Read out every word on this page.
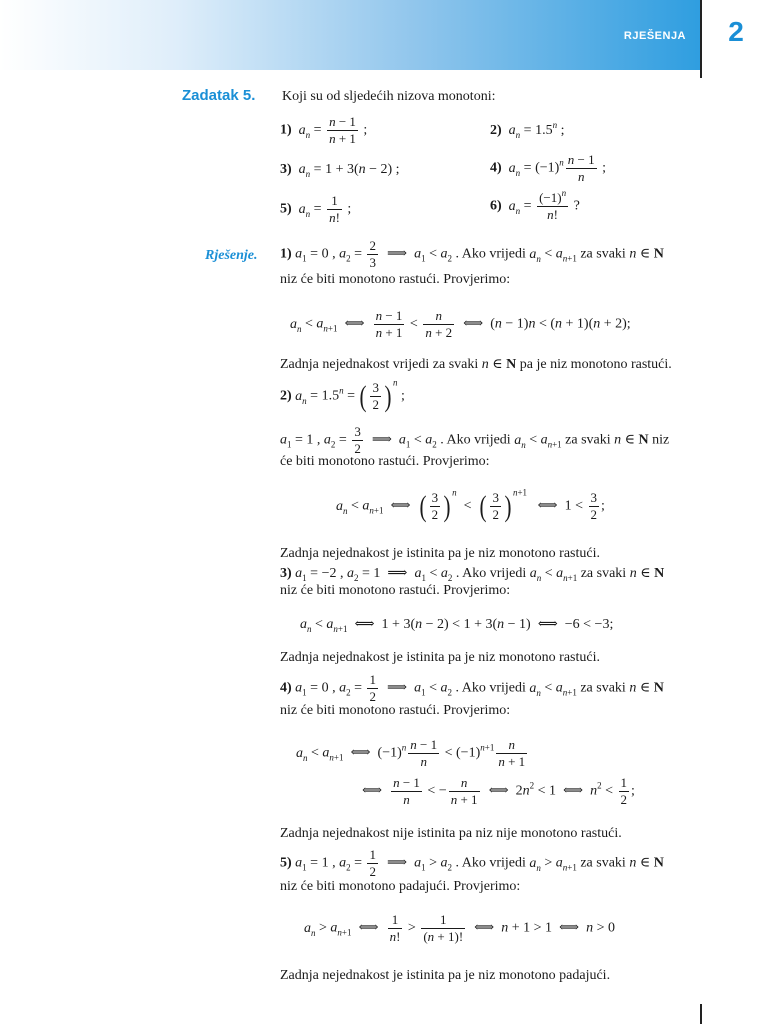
RJEŠENJA	2
Zadatak 5. Koji su od sljedećih nizova monotoni:
1) $a_n = \frac{n - 1}{n + 1}$ ;	2) $a_n = 1.5^n$ ;
3) $a_n = 1 + 3(n - 2)$ ;	4) $a_n = (-1)^n \frac{n - 1}{n}$ ;
5) $a_n = \frac{1}{n!}$ ;	6) $a_n = \frac{(-1)^n}{n!}$ ?
Rješenje. 1) $a_1 = 0$ , $a_2 = \frac{2}{3}$ ⟹  $a_1 < a_2$ . Ako vrijedi $a_n < a_{n+1}$ za svaki n ∈ N
niz će biti monotono rastući. Provjerimo:
$a_n < a_{n+1}$  ⟺ $\frac{n - 1}{n + 1} < \frac{n}{n + 2}$ ⟺  (n − 1)n < (n + 1)(n + 2);
Zadnja nejednakost vrijedi za svaki n ∈ N pa je niz monotono rastući.
2) $a_n = 1.5^n$ = ( $\frac{3}{2}$ ) $^n$ ;
$a_1 = 1$ , $a_2 = \frac{3}{2}$ ⟹  $a_1 < a_2$ . Ako vrijedi $a_n < a_{n+1}$ za svaki n ∈ N niz
će biti monotono rastući. Provjerimo:
$a_n < a_{n+1}$  ⟺  ( $\frac{3}{2}$ ) $^n$  <  ( $\frac{3}{2}$ ) $^{n+1}$   ⟺  $1 < \frac{3}{2}$ ;
Zadnja nejednakost je istinita pa je niz monotono rastući.
3) $a_1 = -2$ , $a_2 = 1$  ⟹  $a_1 < a_2$ . Ako vrijedi $a_n < a_{n+1}$ za svaki n ∈ N
niz će biti monotono rastući. Provjerimo:
$a_n < a_{n+1}$  ⟺  1 + 3(n − 2) < 1 + 3(n − 1)  ⟺  −6 < −3;
Zadnja nejednakost je istinita pa je niz monotono rastući.
4) $a_1 = 0$ , $a_2 = \frac{1}{2}$ ⟹  $a_1 < a_2$ . Ako vrijedi $a_n < a_{n+1}$ za svaki n ∈ N
niz će biti monotono rastući. Provjerimo:
$a_n < a_{n+1}$  ⟺  $(-1)^n \frac{n - 1}{n} < (-1)^{n+1} \frac{n}{n + 1}$
⟺ $\frac{n - 1}{n}$ < − $\frac{n}{n + 1}$ ⟺  $2n^2 < 1$  ⟺  $n^2 < \frac{1}{2}$ ;
Zadnja nejednakost nije istinita pa niz nije monotono rastući.
5) $a_1 = 1$ , $a_2 = \frac{1}{2}$ ⟹  $a_1 > a_2$ . Ako vrijedi $a_n > a_{n+1}$ za svaki n ∈ N
niz će biti monotono padajući. Provjerimo:
$a_n > a_{n+1}$  ⟺ $\frac{1}{n!} > \frac{1}{(n + 1)!}$ ⟺  n + 1 > 1  ⟺  n > 0
Zadnja nejednakost je istinita pa je niz monotono padajući.
